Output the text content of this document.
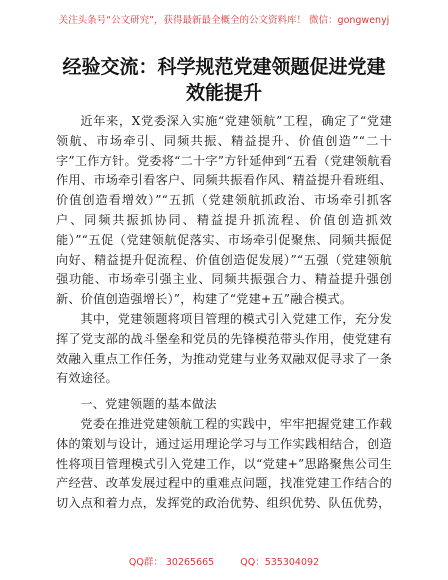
关注头条号“公文研究”，获得最新最全概全的公文资料库！ 微信：gongwenyj
经验交流：科学规范党建领题促进党建效能提升

近年来，X党委深入实施“党建领航”工程，确定了“党建领航、市场牵引、同频共振、精益提升、价值创造”“二十字”工作方针。党委将“二十字”方针延伸到“五看（党建领航看作用、市场牵引看客户、同频共振看作风、精益提升看班组、价值创造看增效）”“五抓（党建领航抓政治、市场牵引抓客户、同频共振抓协同、精益提升抓流程、价值创造抓效能）”“五促（党建领航促落实、市场牵引促聚焦、同频共振促向好、精益提升促流程、价值创造促发展）”“五强（党建领航强功能、市场牵引强主业、同频共振强合力、精益提升强创新、价值创造强增长）”，构建了“党建+五”融合模式。

其中，党建领题将项目管理的模式引入党建工作，充分发挥了党支部的战斗堡垒和党员的先锋模范带头作用，使党建有效融入重点工作任务，为推动党建与业务双融双促寻求了一条有效途径。

一、党建领题的基本做法

党委在推进党建领航工程的实践中，牢牢把握党建工作载体的策划与设计，通过运用理论学习与工作实践相结合，创造性将项目管理模式引入党建工作，以“党建+”思路聚焦公司生产经营、改革发展过程中的重难点问题，找准党建工作结合的切入点和着力点，发挥党的政治优势、组织优势、队伍优势，

QQ群： 30265665	QQ：535304092
